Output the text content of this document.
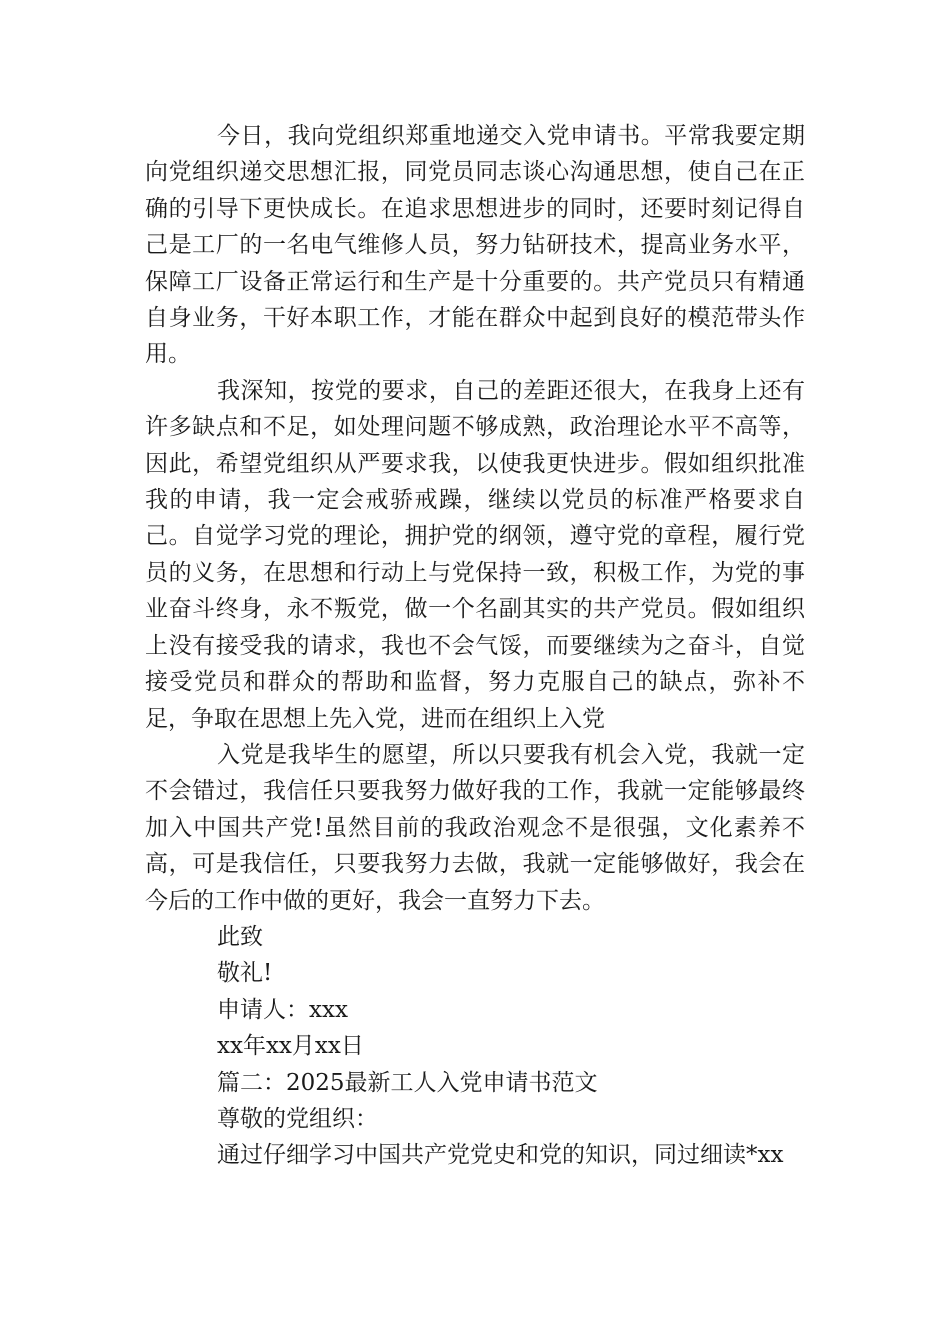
今日，我向党组织郑重地递交入党申请书。平常我要定期向党组织递交思想汇报，同党员同志谈心沟通思想，使自己在正确的引导下更快成长。在追求思想进步的同时，还要时刻记得自己是工厂的一名电气维修人员，努力钻研技术，提高业务水平，保障工厂设备正常运行和生产是十分重要的。共产党员只有精通自身业务，干好本职工作，才能在群众中起到良好的模范带头作用。

我深知，按党的要求，自己的差距还很大，在我身上还有许多缺点和不足，如处理问题不够成熟，政治理论水平不高等，因此，希望党组织从严要求我，以使我更快进步。假如组织批准我的申请，我一定会戒骄戒躁，继续以党员的标准严格要求自己。自觉学习党的理论，拥护党的纲领，遵守党的章程，履行党员的义务，在思想和行动上与党保持一致，积极工作，为党的事业奋斗终身，永不叛党，做一个名副其实的共产党员。假如组织上没有接受我的请求，我也不会气馁，而要继续为之奋斗，自觉接受党员和群众的帮助和监督，努力克服自己的缺点，弥补不足，争取在思想上先入党，进而在组织上入党

入党是我毕生的愿望，所以只要我有机会入党，我就一定不会错过，我信任只要我努力做好我的工作，我就一定能够最终加入中国共产党!虽然目前的我政治观念不是很强，文化素养不高，可是我信任，只要我努力去做，我就一定能够做好，我会在今后的工作中做的更好，我会一直努力下去。

此致

敬礼!

申请人：xxx

xx年xx月xx日

篇二：2025最新工人入党申请书范文

尊敬的党组织：

通过仔细学习中国共产党党史和党的知识，同过细读*xx
